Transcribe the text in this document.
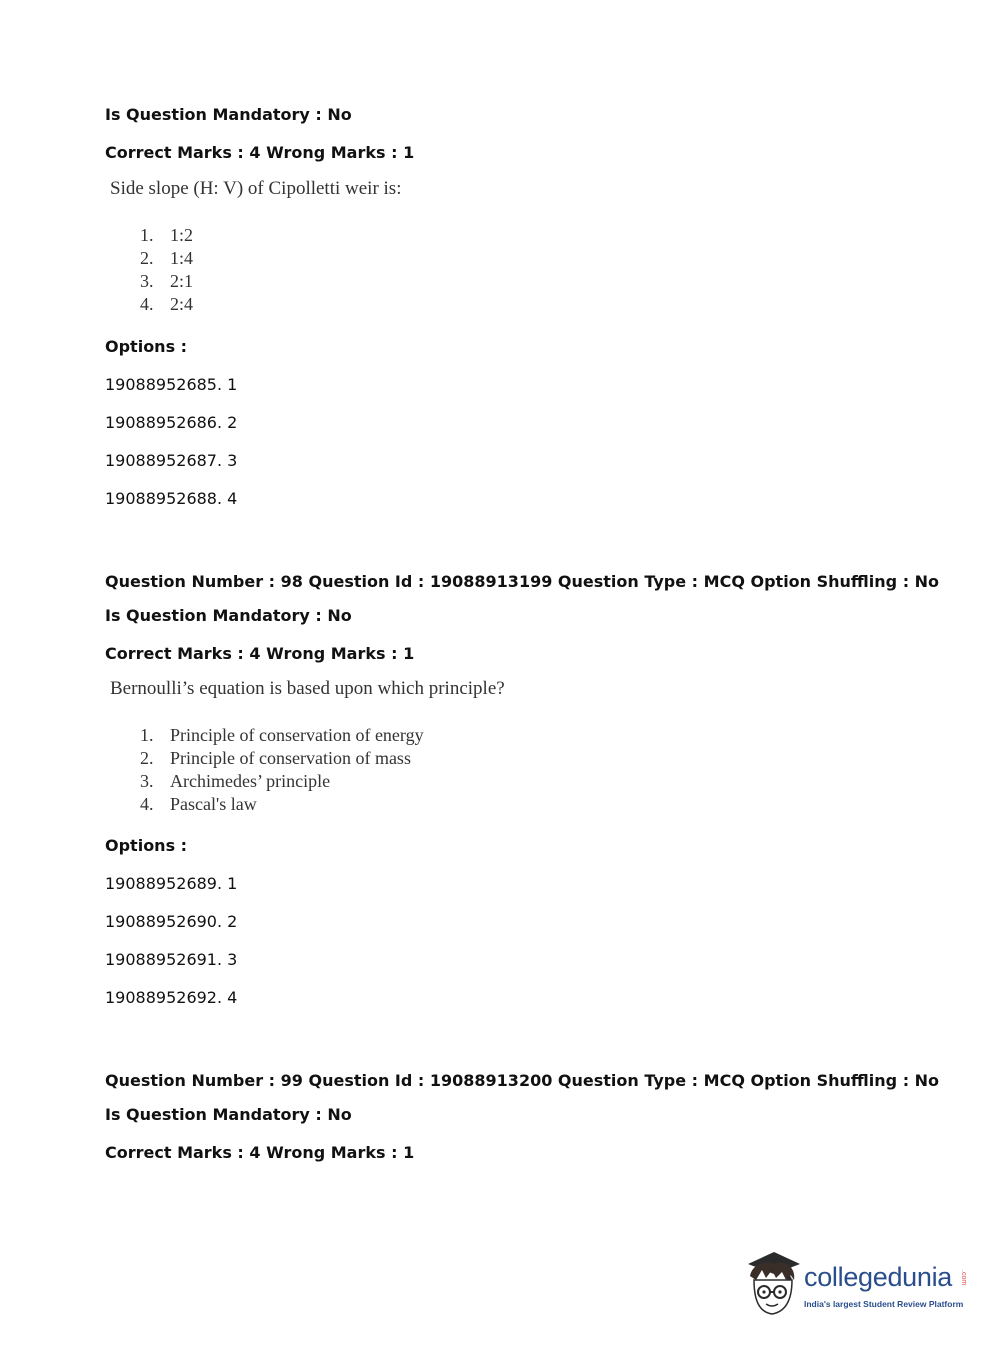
Is Question Mandatory : No
Correct Marks : 4 Wrong Marks : 1
Side slope (H: V) of Cipolletti weir is:
1. 1:2
2. 1:4
3. 2:1
4. 2:4
Options :
19088952685. 1
19088952686. 2
19088952687. 3
19088952688. 4
Question Number : 98 Question Id : 19088913199 Question Type : MCQ Option Shuffling : No
Is Question Mandatory : No
Correct Marks : 4 Wrong Marks : 1
Bernoulli’s equation is based upon which principle?
1. Principle of conservation of energy
2. Principle of conservation of mass
3. Archimedes’ principle
4. Pascal's law
Options :
19088952689. 1
19088952690. 2
19088952691. 3
19088952692. 4
Question Number : 99 Question Id : 19088913200 Question Type : MCQ Option Shuffling : No
Is Question Mandatory : No
Correct Marks : 4 Wrong Marks : 1
collegedunia .com
India's largest Student Review Platform
